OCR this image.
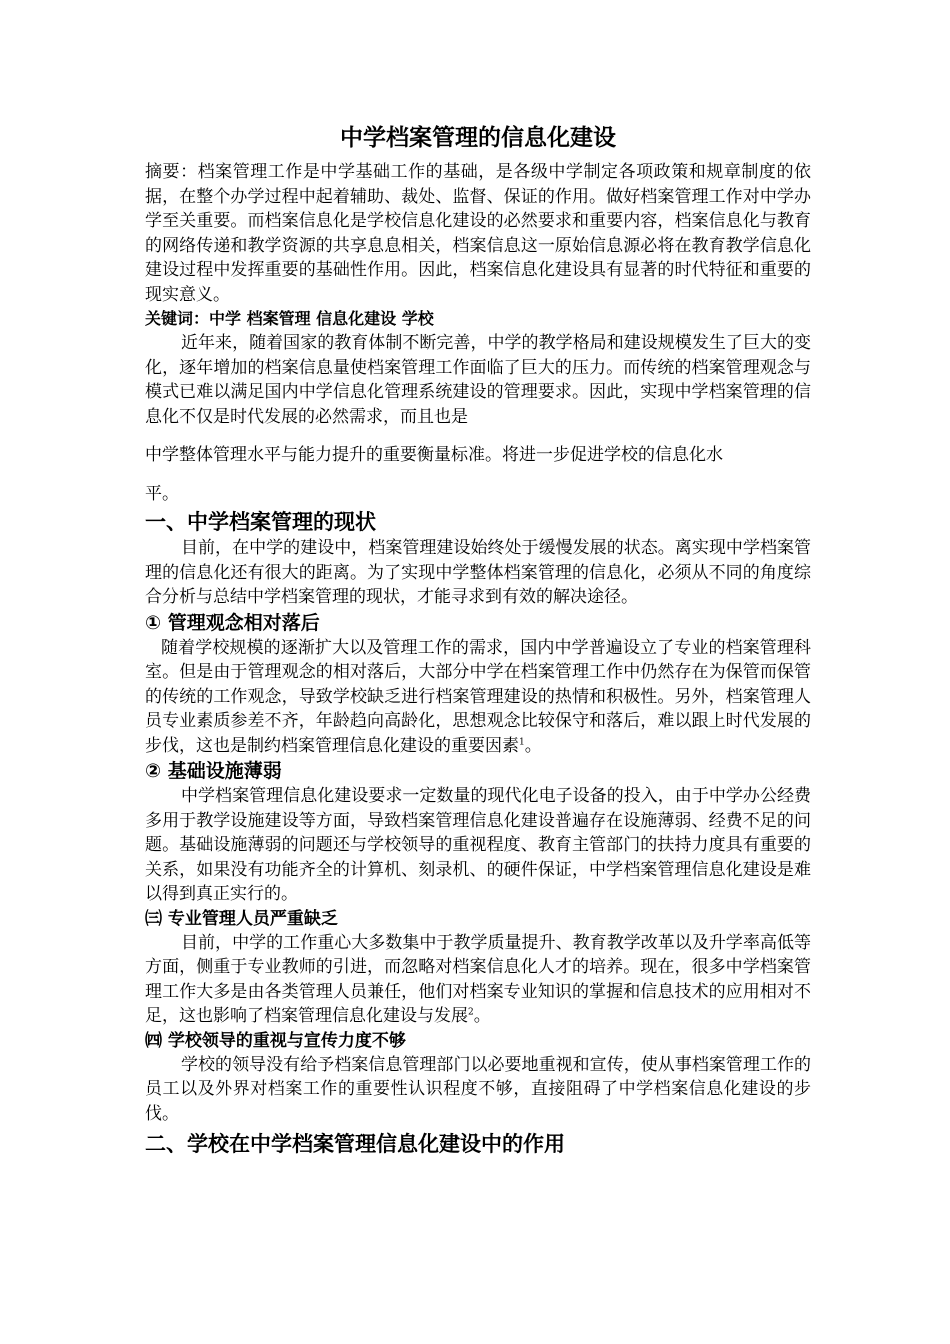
中学档案管理的信息化建设

摘要：档案管理工作是中学基础工作的基础，是各级中学制定各项政策和规章制度的依据，在整个办学过程中起着辅助、裁处、监督、保证的作用。做好档案管理工作对中学办学至关重要。而档案信息化是学校信息化建设的必然要求和重要内容，档案信息化与教育的网络传递和教学资源的共享息息相关，档案信息这一原始信息源必将在教育教学信息化建设过程中发挥重要的基础性作用。因此，档案信息化建设具有显著的时代特征和重要的现实意义。

关键词：中学 档案管理 信息化建设 学校

近年来，随着国家的教育体制不断完善，中学的教学格局和建设规模发生了巨大的变化，逐年增加的档案信息量使档案管理工作面临了巨大的压力。而传统的档案管理观念与模式已难以满足国内中学信息化管理系统建设的管理要求。因此，实现中学档案管理的信息化不仅是时代发展的必然需求，而且也是

中学整体管理水平与能力提升的重要衡量标准。将进一步促进学校的信息化水

平。

一、中学档案管理的现状

目前，在中学的建设中，档案管理建设始终处于缓慢发展的状态。离实现中学档案管理的信息化还有很大的距离。为了实现中学整体档案管理的信息化，必须从不同的角度综合分析与总结中学档案管理的现状，才能寻求到有效的解决途径。

① 管理观念相对落后

随着学校规模的逐渐扩大以及管理工作的需求，国内中学普遍设立了专业的档案管理科室。但是由于管理观念的相对落后，大部分中学在档案管理工作中仍然存在为保管而保管的传统的工作观念，导致学校缺乏进行档案管理建设的热情和积极性。另外，档案管理人员专业素质参差不齐，年龄趋向高龄化，思想观念比较保守和落后，难以跟上时代发展的步伐，这也是制约档案管理信息化建设的重要因素$^1$。

② 基础设施薄弱

中学档案管理信息化建设要求一定数量的现代化电子设备的投入，由于中学办公经费多用于教学设施建设等方面，导致档案管理信息化建设普遍存在设施薄弱、经费不足的问题。基础设施薄弱的问题还与学校领导的重视程度、教育主管部门的扶持力度具有重要的关系，如果没有功能齐全的计算机、刻录机、的硬件保证，中学档案管理信息化建设是难以得到真正实行的。

㈢ 专业管理人员严重缺乏

目前，中学的工作重心大多数集中于教学质量提升、教育教学改革以及升学率高低等方面，侧重于专业教师的引进，而忽略对档案信息化人才的培养。现在，很多中学档案管理工作大多是由各类管理人员兼任，他们对档案专业知识的掌握和信息技术的应用相对不足，这也影响了档案管理信息化建设与发展$^2$。

㈣ 学校领导的重视与宣传力度不够

学校的领导没有给予档案信息管理部门以必要地重视和宣传，使从事档案管理工作的员工以及外界对档案工作的重要性认识程度不够，直接阻碍了中学档案信息化建设的步伐。

二、学校在中学档案管理信息化建设中的作用
